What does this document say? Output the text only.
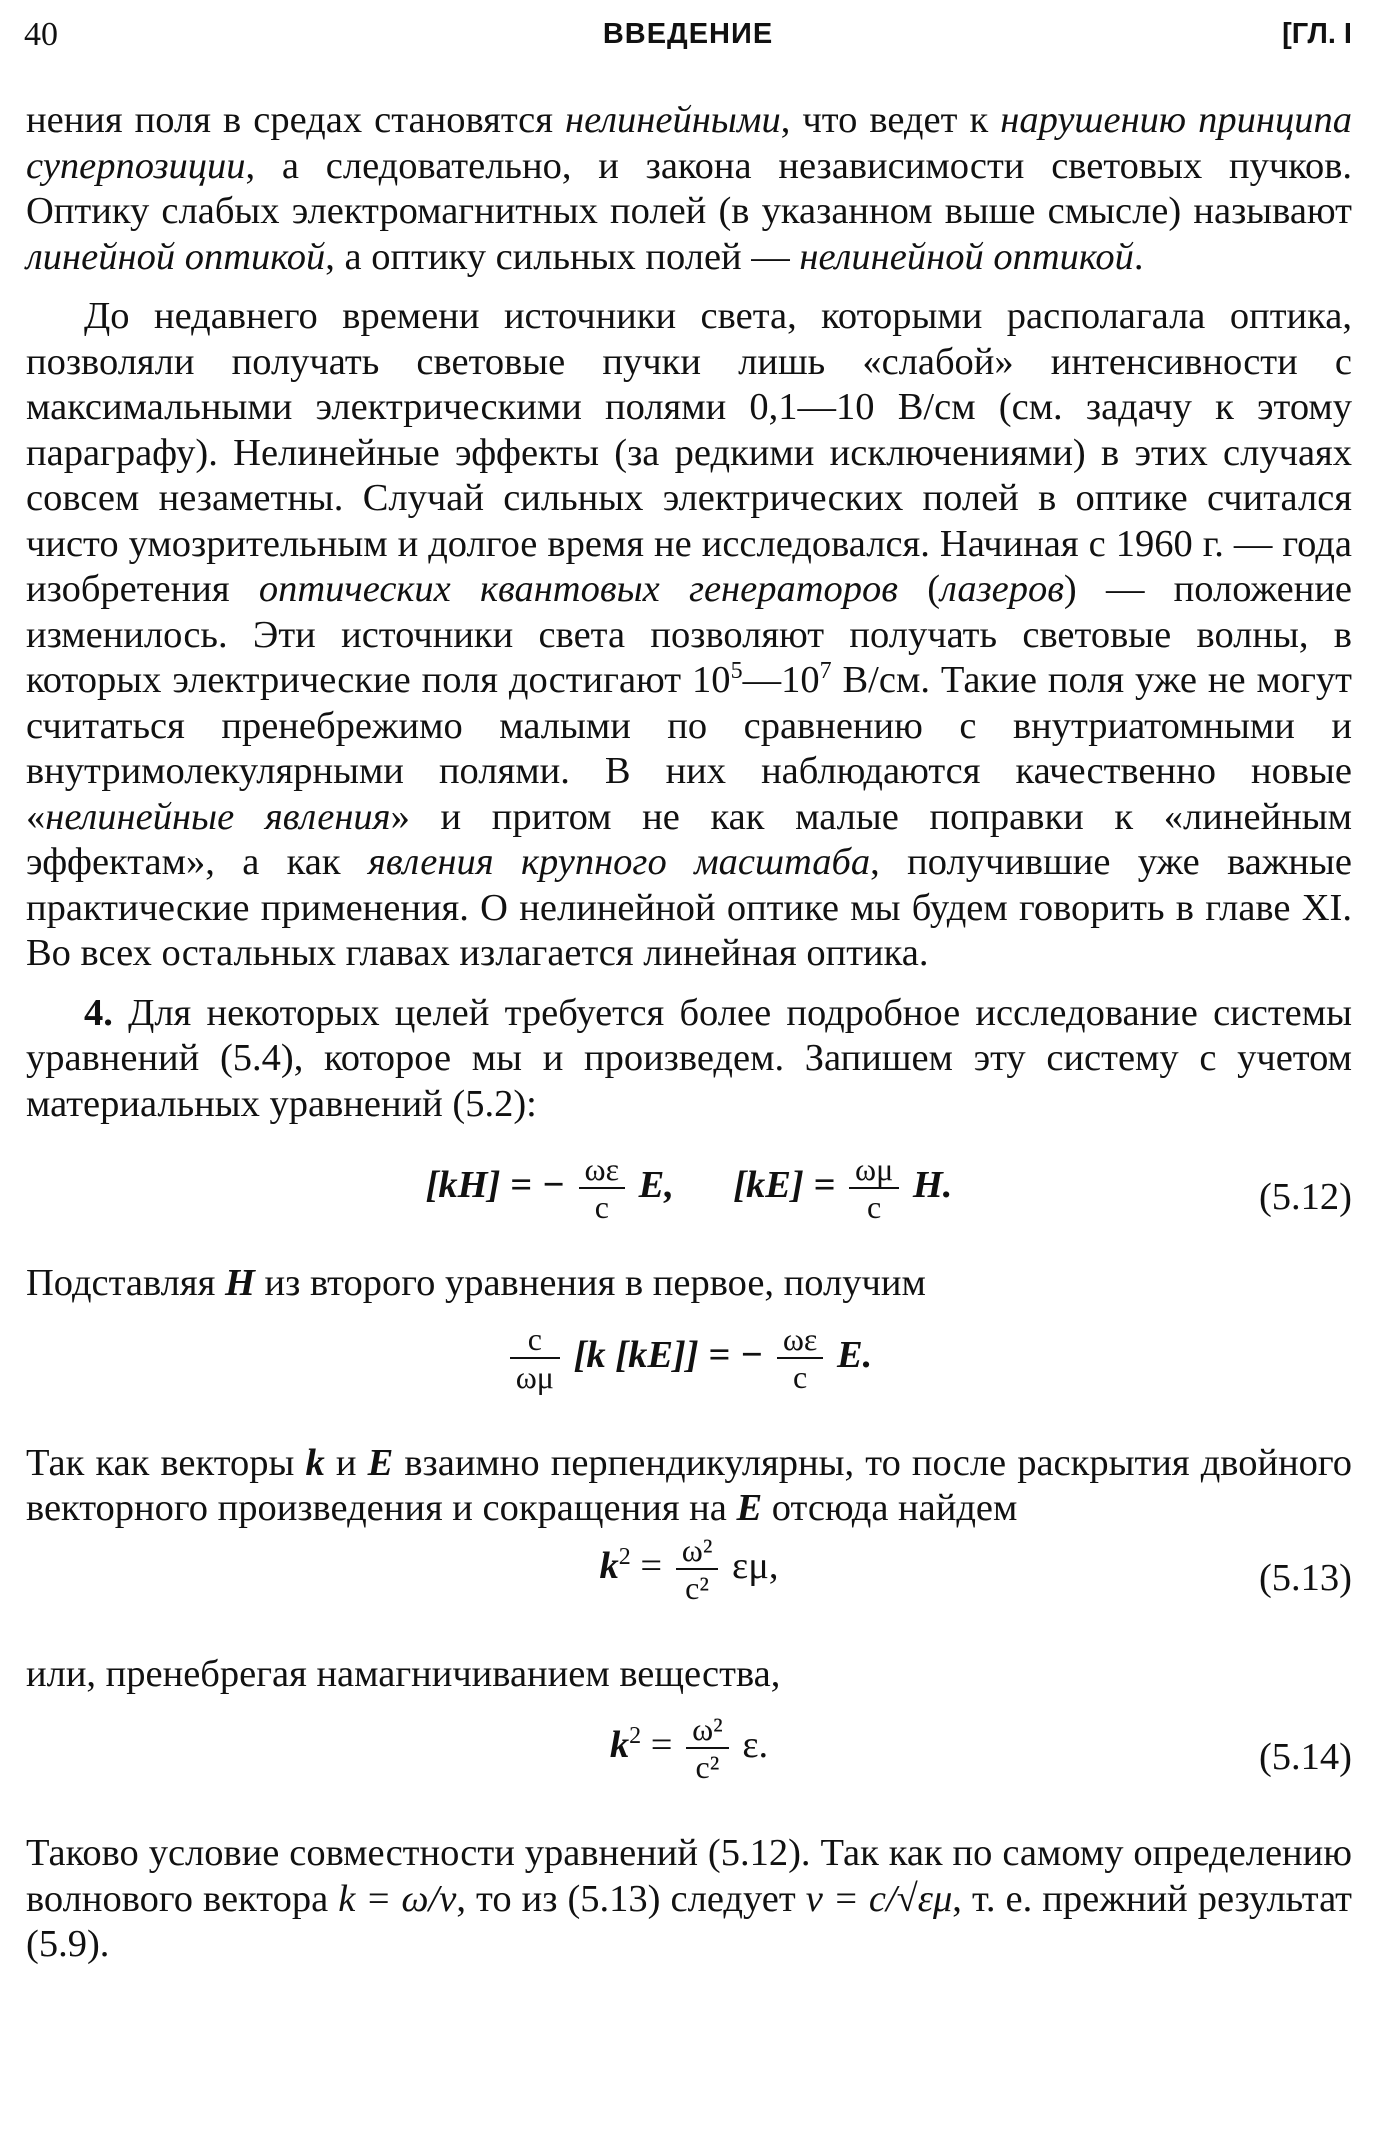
40	ВВЕДЕНИЕ	[ГЛ. I

нения поля в средах становятся нелинейными, что ведет к нарушению принципа суперпозиции, а следовательно, и закона независимости световых пучков. Оптику слабых электромагнитных полей (в указанном выше смысле) называют линейной оптикой, а оптику сильных полей — нелинейной оптикой.

До недавнего времени источники света, которыми располагала оптика, позволяли получать световые пучки лишь «слабой» интенсивности с максимальными электрическими полями 0,1—10 В/см (см. задачу к этому параграфу). Нелинейные эффекты (за редкими исключениями) в этих случаях совсем незаметны. Случай сильных электрических полей в оптике считался чисто умозрительным и долгое время не исследовался. Начиная с 1960 г. — года изобретения оптических квантовых генераторов (лазеров) — положение изменилось. Эти источники света позволяют получать световые волны, в которых электрические поля достигают $10^5—10^7$ В/см. Такие поля уже не могут считаться пренебрежимо малыми по сравнению с внутриатомными и внутримолекулярными полями. В них наблюдаются качественно новые «нелинейные явления» и притом не как малые поправки к «линейным эффектам», а как явления крупного масштаба, получившие уже важные практические применения. О нелинейной оптике мы будем говорить в главе XI. Во всех остальных главах излагается линейная оптика.

4. Для некоторых целей требуется более подробное исследование системы уравнений (5.4), которое мы и произведем. Запишем эту систему с учетом материальных уравнений (5.2):

[kH] = − $\frac{\omega\varepsilon}{c} E$, $[kE] = \frac{\omega\mu}{c} H$.	(5.12)

Подставляя H из второго уравнения в первое, получим

$\frac{c}{\omega\mu} [k$ [kE]] = − $\frac{\omega\varepsilon}{c} E$.

Так как векторы k и E взаимно перпендикулярны, то после раскрытия двойного векторного произведения и сокращения на E отсюда найдем

$k^2 = \frac{\text{ω²}}{\text{c²}} \varepsilon\mu$,	(5.13)

или, пренебрегая намагничиванием вещества,

$k^2 = \frac{\text{ω²}}{\text{c²}} \varepsilon$.	(5.14)

Таково условие совместности уравнений (5.12). Так как по самому определению волнового вектора k = ω/v, то из (5.13) следует v = c/√εμ, т. е. прежний результат (5.9).
